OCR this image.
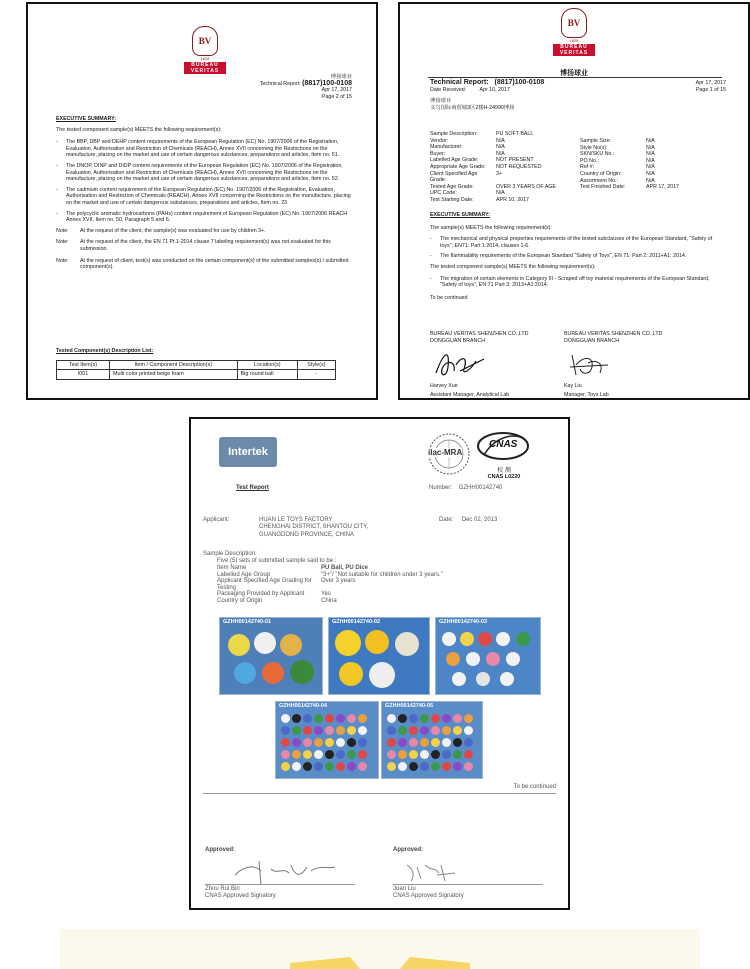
BV
1828
BUREAU VERITAS
博扬球业
Technical Report: (8817)100-0108
Apr 17, 2017
Page 2 of 15
EXECUTIVE SUMMARY:
The tested component sample(s) MEETS the following requirement(s):
-	The BBP, DBP and DEHP content requirements of the European Regulation (EC) No. 1907/2006 of the Registration, Evaluation, Authorisation and Restriction of Chemicals (REACH), Annex XVII concerning the Restrictions on the manufacture, placing on the market and use of certain dangerous substances, preparations and articles, Item no. 51.
-	The DNOP, DINP and DIDP content requirements of the European Regulation (EC) No. 1907/2006 of the Registration, Evaluation, Authorisation and Restriction of Chemicals (REACH), Annex XVII concerning the Restrictions on the manufacture, placing on the market and use of certain dangerous substances, preparations and articles, Item no. 52.
-	The cadmium content requirement of the European Regulation (EC) No. 1907/2006 of the Registration, Evaluation, Authorisation and Restriction of Chemicals (REACH), Annex XVII concerning the Restrictions on the manufacture, placing on the market and use of certain dangerous substances, preparations and articles, Item no. 23
-	The polycyclic aromatic hydrocarbons (PAHs) content requirement of European Regulation (EC) No. 1907/2006 REACH Annex XVII, Item no. 50, Paragraph 5 and 6.
Note:	At the request of the client, the sample(s) was evaluated for use by children 3+.
Note:	At the request of the client, the EN 71 Pt.1-2014 clause 7 labeling requirement(s) was not evaluated for this submission.
Note:	At the request of client, test(s) was conducted on the certain component(s) of the submitted samples(s) / submitted component(s).
Tested Component(s) Description List:
Test Item(s)	Item / Component Description(s)	Location(s)	Style(s)
I001	Multi color printed beige foam	Big round ball	-
BV
1828
BUREAU VERITAS
博扬球业
Technical Report: (8817)100-0108	Apr 17, 2017
Date Received:	Apr 10, 2017	Page 1 of 15
博扬球业
义乌国际商贸城3区2楼H-24990博扬
Sample Description:	PU SOFT BALL
Vendor:	N/A
Manufacturer:	N/A
Buyer:	N/A
Labelled Age Grade:	NOT PRESENT
Appropriate Age Grade:	NOT REQUESTED
Client Specified Age Grade:
3+
Tested Age Grade:	OVER 3 YEARS OF AGE
UPC Code:	N/A
Test Starting Date:	APR 10, 2017
Sample Size:	N/A
Style No(s):	N/A
SKN/SKU No.:	N/A
PO No.:	N/A
Ref #:	N/A
Country of Origin:	N/A
Assortment No.:	N/A
Test Finished Date:	APR 17, 2017
EXECUTIVE SUMMARY:
The sample(s) MEETS the following requirement(s):
-	The mechanical and physical properties requirements of the tested subclauses of the European Standard, "Safety of toys", EN71: Part 1:2014, clauses 1-6.
-	The flammability requirements of the European Standard "Safety of Toys", EN 71: Part 2: 2011+A1: 2014.
The tested component sample(s) MEETS the following requirement(s):
-	The migration of certain elements in Category III - Scraped off toy material requirements of the European Standard, "Safety of toys", EN 71 Part 3: 2013+A1:2014.
To be continued
BUREAU VERITAS SHENZHEN CO.,LTD
DONGGUAN BRANCH
Harvey Xue
Assistant Manager, Analytical Lab
BUREAU VERITAS SHENZHEN CO.,LTD
DONGGUAN BRANCH
Kay Liu
Manager, Toys Lab
Intertek	ilac-MRA
CNAS
校 测
CNAS L0220
Test Report	Number: GZHH00142740
Applicant:	HUAN LE TOYS FACTORY
CHENGHAI DISTRICT, SHANTOU CITY,
GUANGDONG PROVINCE, CHINA
Date: Dec 02, 2013
Sample Description:
Five (5) sets of submitted sample said to be :
Item Name	PU Ball, PU Dice
Labelled Age Group	"3+"/ "Not suitable for children under 3 years."
Applicant Specified Age Grading for Testing
Over 3 years
Packaging Provided by Applicant	Yes
Country of Origin	China
GZHH00142740-01	GZHH00142740-02	GZHH00142740-03
GZHH00142740-04	GZHH00142740-05
To be continued
Approved:	Approved:
Zhou Rui Bin
CNAS Approved Signatory
Joan Liu
CNAS Approved Signatory
